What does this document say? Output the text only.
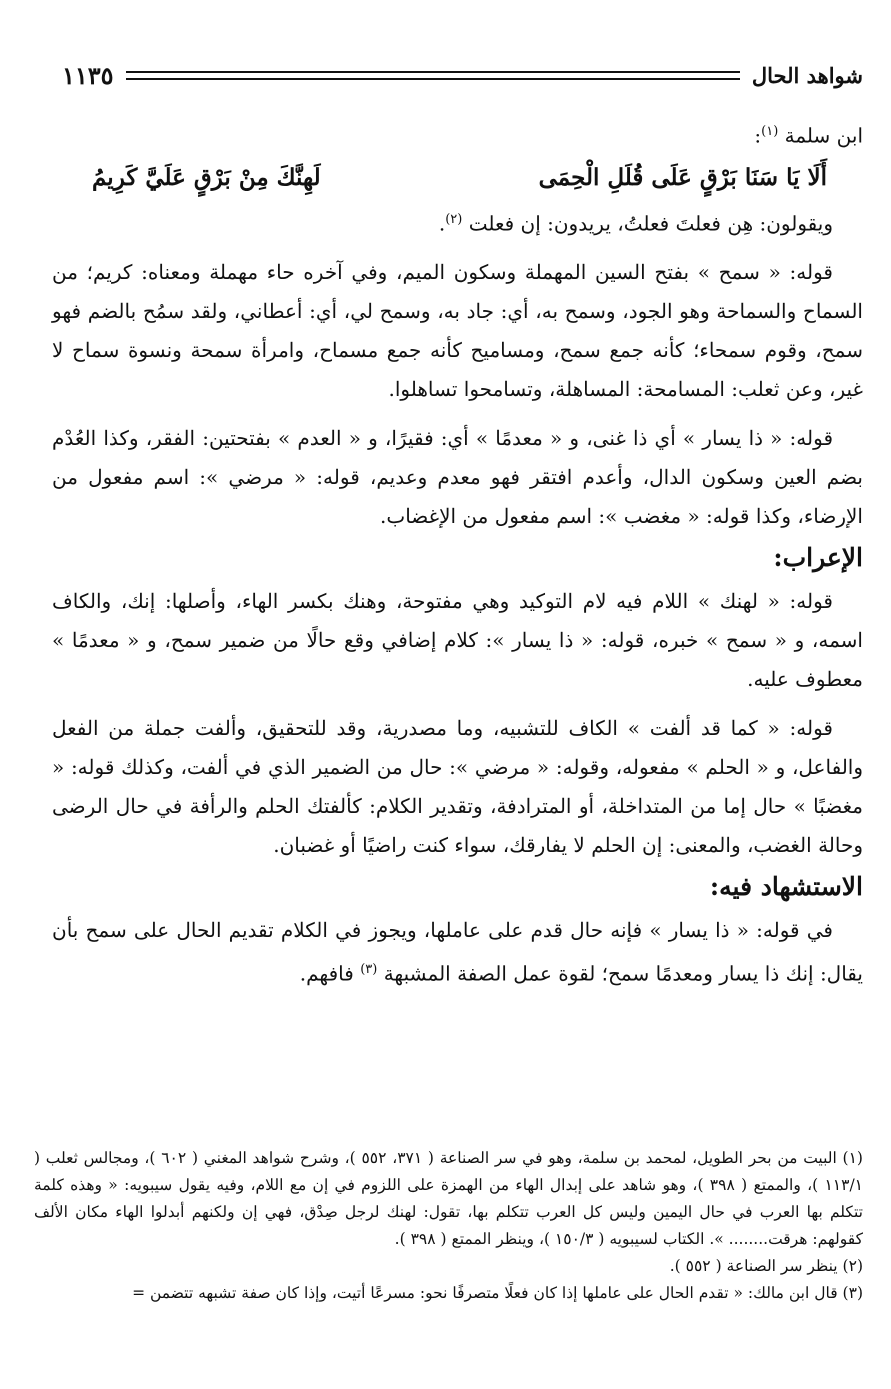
شواهد الحال
١١٣٥

ابن سلمة $^{(١)}$:

أَلَا يَا سَنَا بَرْقٍ عَلَى قُلَلِ الْحِمَى
لَهِنَّكَ مِنْ بَرْقٍ عَلَيَّ كَرِيمُ

ويقولون: هِن فعلتَ فعلتُ، يريدون: إن فعلت $^{(٢)}$.

قوله: « سمح » بفتح السين المهملة وسكون الميم، وفي آخره حاء مهملة ومعناه: كريم؛ من السماح والسماحة وهو الجود، وسمح به، أي: جاد به، وسمح لي، أي: أعطاني، ولقد سمُح بالضم فهو سمح، وقوم سمحاء؛ كأنه جمع سمح، ومساميح كأنه جمع مسماح، وامرأة سمحة ونسوة سماح لا غير، وعن ثعلب: المسامحة: المساهلة، وتسامحوا تساهلوا.

قوله: « ذا يسار » أي ذا غنى، و « معدمًا » أي: فقيرًا، و « العدم » بفتحتين: الفقر، وكذا العُدْم بضم العين وسكون الدال، وأعدم افتقر فهو معدم وعديم، قوله: « مرضي »: اسم مفعول من الإرضاء، وكذا قوله: « مغضب »: اسم مفعول من الإغضاب.

الإعراب:

قوله: « لهنك » اللام فيه لام التوكيد وهي مفتوحة، وهنك بكسر الهاء، وأصلها: إنك، والكاف اسمه، و « سمح » خبره، قوله: « ذا يسار »: كلام إضافي وقع حالًا من ضمير سمح، و « معدمًا » معطوف عليه.

قوله: « كما قد ألفت » الكاف للتشبيه، وما مصدرية، وقد للتحقيق، وألفت جملة من الفعل والفاعل، و « الحلم » مفعوله، وقوله: « مرضي »: حال من الضمير الذي في ألفت، وكذلك قوله: « مغضبًا » حال إما من المتداخلة، أو المترادفة، وتقدير الكلام: كألفتك الحلم والرأفة في حال الرضى وحالة الغضب، والمعنى: إن الحلم لا يفارقك، سواء كنت راضيًا أو غضبان.

الاستشهاد فيه:

في قوله: « ذا يسار » فإنه حال قدم على عاملها، ويجوز في الكلام تقديم الحال على سمح بأن يقال: إنك ذا يسار ومعدمًا سمح؛ لقوة عمل الصفة المشبهة $^{(٣)}$ فافهم.

(١) البيت من بحر الطويل، لمحمد بن سلمة، وهو في سر الصناعة ( ٣٧١، ٥٥٢ )، وشرح شواهد المغني ( ٦٠٢ )، ومجالس ثعلب ( ١١٣/١ )، والممتع ( ٣٩٨ )، وهو شاهد على إبدال الهاء من الهمزة على اللزوم في إن مع اللام، وفيه يقول سيبويه: « وهذه كلمة تتكلم بها العرب في حال اليمين وليس كل العرب تتكلم بها، تقول: لهنك لرجل صِدْق، فهي إن ولكنهم أبدلوا الهاء مكان الألف كقولهم: هرقت........ ». الكتاب لسيبويه ( ١٥٠/٣ )، وينظر الممتع ( ٣٩٨ ).

(٢) ينظر سر الصناعة ( ٥٥٢ ).

(٣) قال ابن مالك: « تقدم الحال على عاملها إذا كان فعلًا متصرفًا نحو: مسرعًا أتيت، وإذا كان صفة تشبهه تتضمن =
